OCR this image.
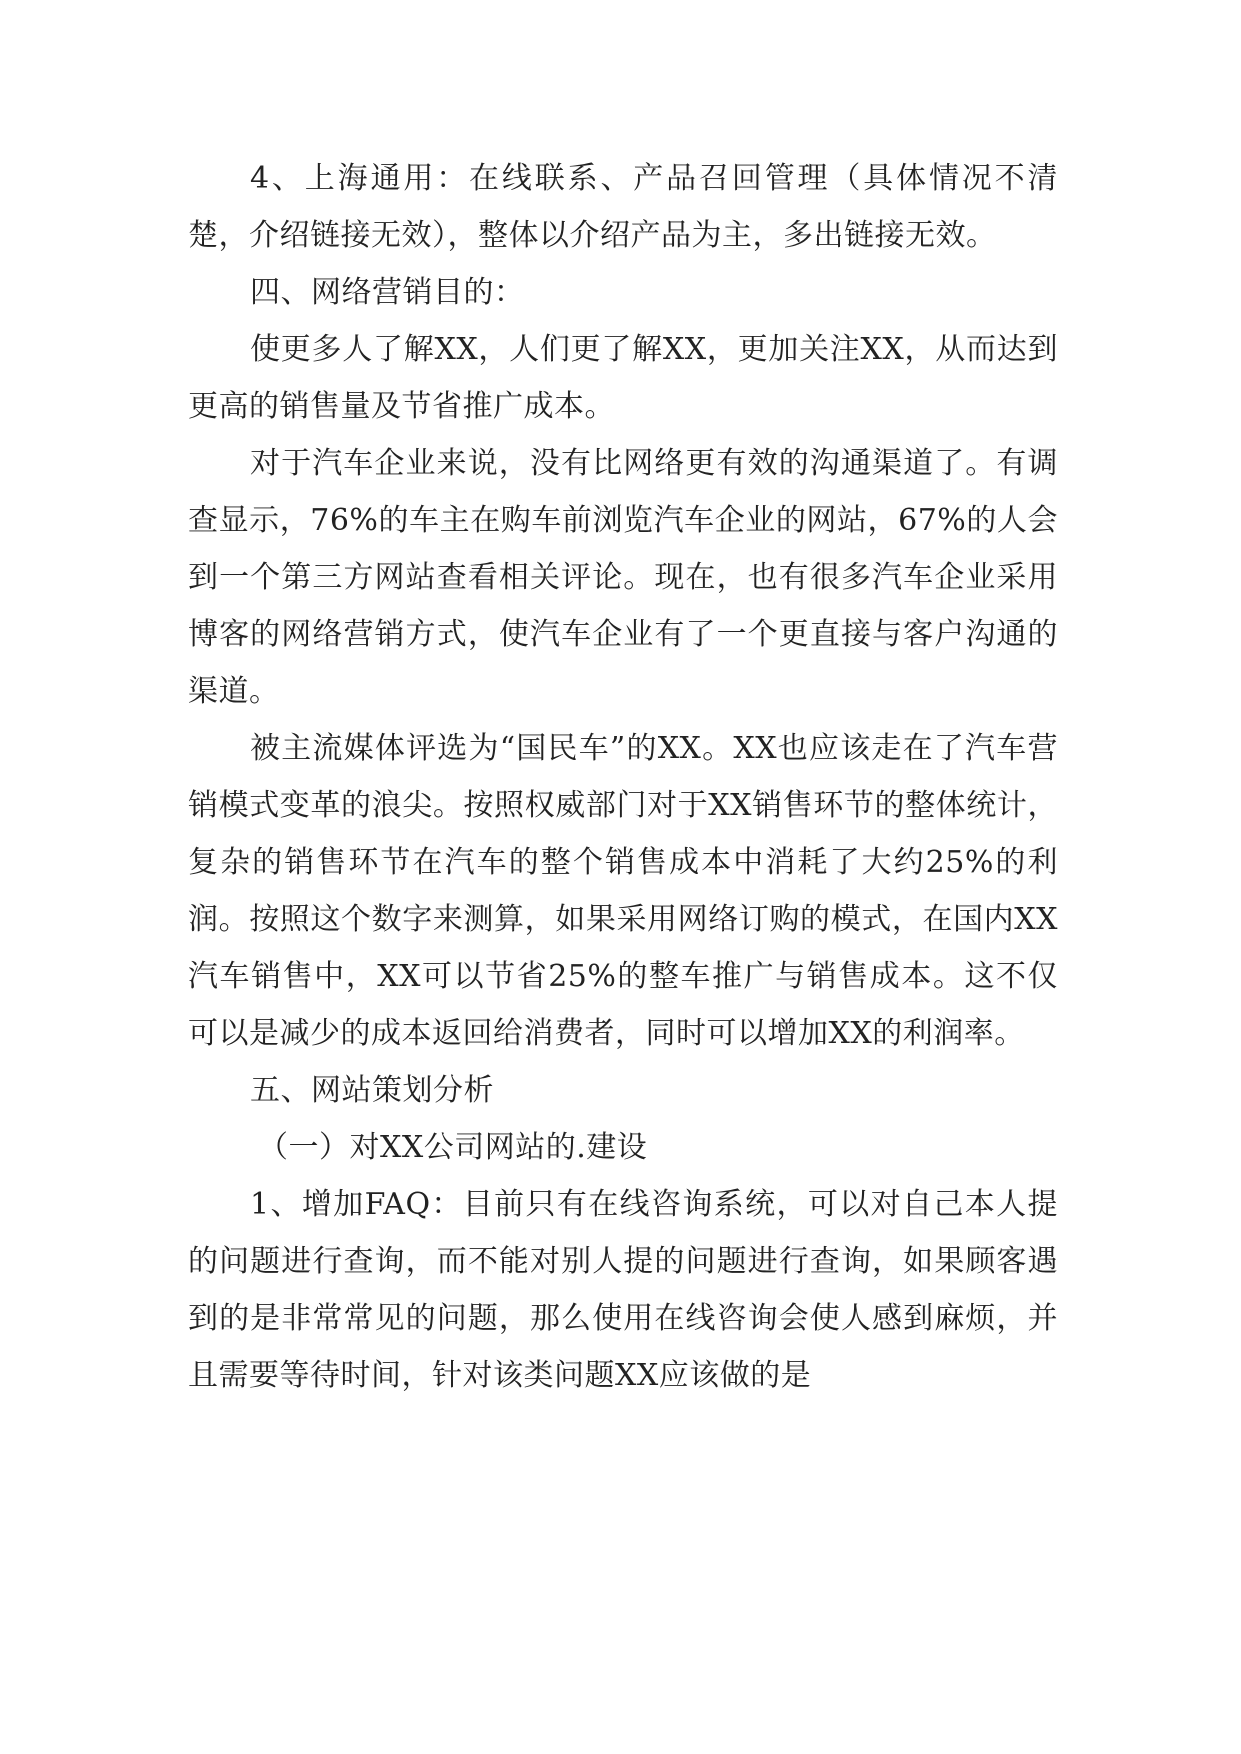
4、上海通用：在线联系、产品召回管理（具体情况不清楚，介绍链接无效），整体以介绍产品为主，多出链接无效。

四、网络营销目的：

使更多人了解XX，人们更了解XX，更加关注XX，从而达到更高的销售量及节省推广成本。

对于汽车企业来说，没有比网络更有效的沟通渠道了。有调查显示，76%的车主在购车前浏览汽车企业的网站，67%的人会到一个第三方网站查看相关评论。现在，也有很多汽车企业采用博客的网络营销方式，使汽车企业有了一个更直接与客户沟通的渠道。

被主流媒体评选为“国民车”的XX。XX也应该走在了汽车营销模式变革的浪尖。按照权威部门对于XX销售环节的整体统计，复杂的销售环节在汽车的整个销售成本中消耗了大约25%的利润。按照这个数字来测算，如果采用网络订购的模式，在国内XX汽车销售中，XX可以节省25%的整车推广与销售成本。这不仅可以是减少的成本返回给消费者，同时可以增加XX的利润率。

五、网站策划分析

（一）对XX公司网站的.建设

1、增加FAQ：目前只有在线咨询系统，可以对自己本人提的问题进行查询，而不能对别人提的问题进行查询，如果顾客遇到的是非常常见的问题，那么使用在线咨询会使人感到麻烦，并且需要等待时间，针对该类问题XX应该做的是
